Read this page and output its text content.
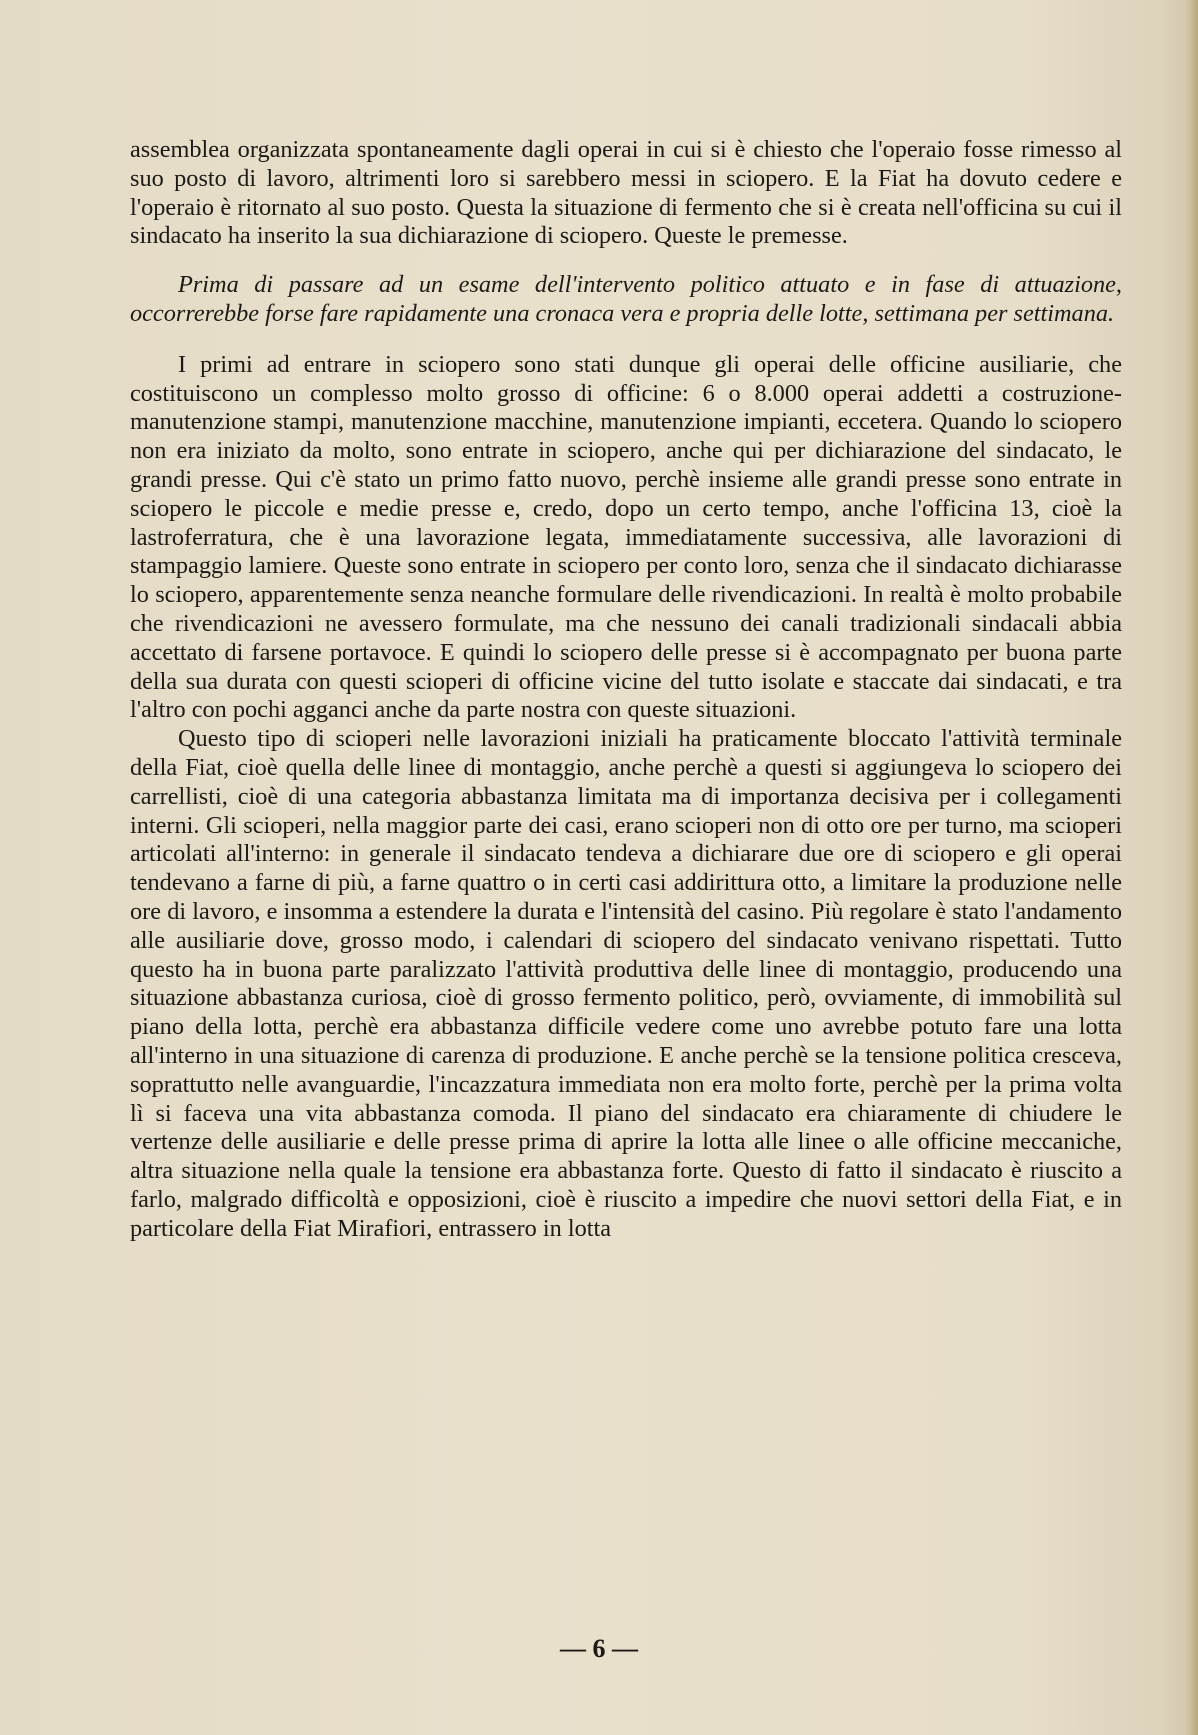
assemblea organizzata spontaneamente dagli operai in cui si è chiesto che l'operaio fosse rimesso al suo posto di lavoro, altrimenti loro si sarebbero messi in sciopero. E la Fiat ha dovuto cedere e l'operaio è ritornato al suo posto. Questa la situazione di fermento che si è creata nell'officina su cui il sindacato ha inserito la sua dichiarazione di sciopero. Queste le premesse.

Prima di passare ad un esame dell'intervento politico attuato e in fase di attuazione, occorrerebbe forse fare rapidamente una cronaca vera e propria delle lotte, settimana per settimana.

I primi ad entrare in sciopero sono stati dunque gli operai delle officine ausiliarie, che costituiscono un complesso molto grosso di officine: 6 o 8.000 operai addetti a costruzione-manutenzione stampi, manutenzione macchine, manutenzione impianti, eccetera. Quando lo sciopero non era iniziato da molto, sono entrate in sciopero, anche qui per dichiarazione del sindacato, le grandi presse. Qui c'è stato un primo fatto nuovo, perchè insieme alle grandi presse sono entrate in sciopero le piccole e medie presse e, credo, dopo un certo tempo, anche l'officina 13, cioè la lastroferratura, che è una lavorazione legata, immediatamente successiva, alle lavorazioni di stampaggio lamiere. Queste sono entrate in sciopero per conto loro, senza che il sindacato dichiarasse lo sciopero, apparentemente senza neanche formulare delle rivendicazioni. In realtà è molto probabile che rivendicazioni ne avessero formulate, ma che nessuno dei canali tradizionali sindacali abbia accettato di farsene portavoce. E quindi lo sciopero delle presse si è accompagnato per buona parte della sua durata con questi scioperi di officine vicine del tutto isolate e staccate dai sindacati, e tra l'altro con pochi agganci anche da parte nostra con queste situazioni.

Questo tipo di scioperi nelle lavorazioni iniziali ha praticamente bloccato l'attività terminale della Fiat, cioè quella delle linee di montaggio, anche perchè a questi si aggiungeva lo sciopero dei carrellisti, cioè di una categoria abbastanza limitata ma di importanza decisiva per i collegamenti interni. Gli scioperi, nella maggior parte dei casi, erano scioperi non di otto ore per turno, ma scioperi articolati all'interno: in generale il sindacato tendeva a dichiarare due ore di sciopero e gli operai tendevano a farne di più, a farne quattro o in certi casi addirittura otto, a limitare la produzione nelle ore di lavoro, e insomma a estendere la durata e l'intensità del casino. Più regolare è stato l'andamento alle ausiliarie dove, grosso modo, i calendari di sciopero del sindacato venivano rispettati. Tutto questo ha in buona parte paralizzato l'attività produttiva delle linee di montaggio, producendo una situazione abbastanza curiosa, cioè di grosso fermento politico, però, ovviamente, di immobilità sul piano della lotta, perchè era abbastanza difficile vedere come uno avrebbe potuto fare una lotta all'interno in una situazione di carenza di produzione. E anche perchè se la tensione politica cresceva, soprattutto nelle avanguardie, l'incazzatura immediata non era molto forte, perchè per la prima volta lì si faceva una vita abbastanza comoda. Il piano del sindacato era chiaramente di chiudere le vertenze delle ausiliarie e delle presse prima di aprire la lotta alle linee o alle officine meccaniche, altra situazione nella quale la tensione era abbastanza forte. Questo di fatto il sindacato è riuscito a farlo, malgrado difficoltà e opposizioni, cioè è riuscito a impedire che nuovi settori della Fiat, e in particolare della Fiat Mirafiori, entrassero in lotta

— 6 —
